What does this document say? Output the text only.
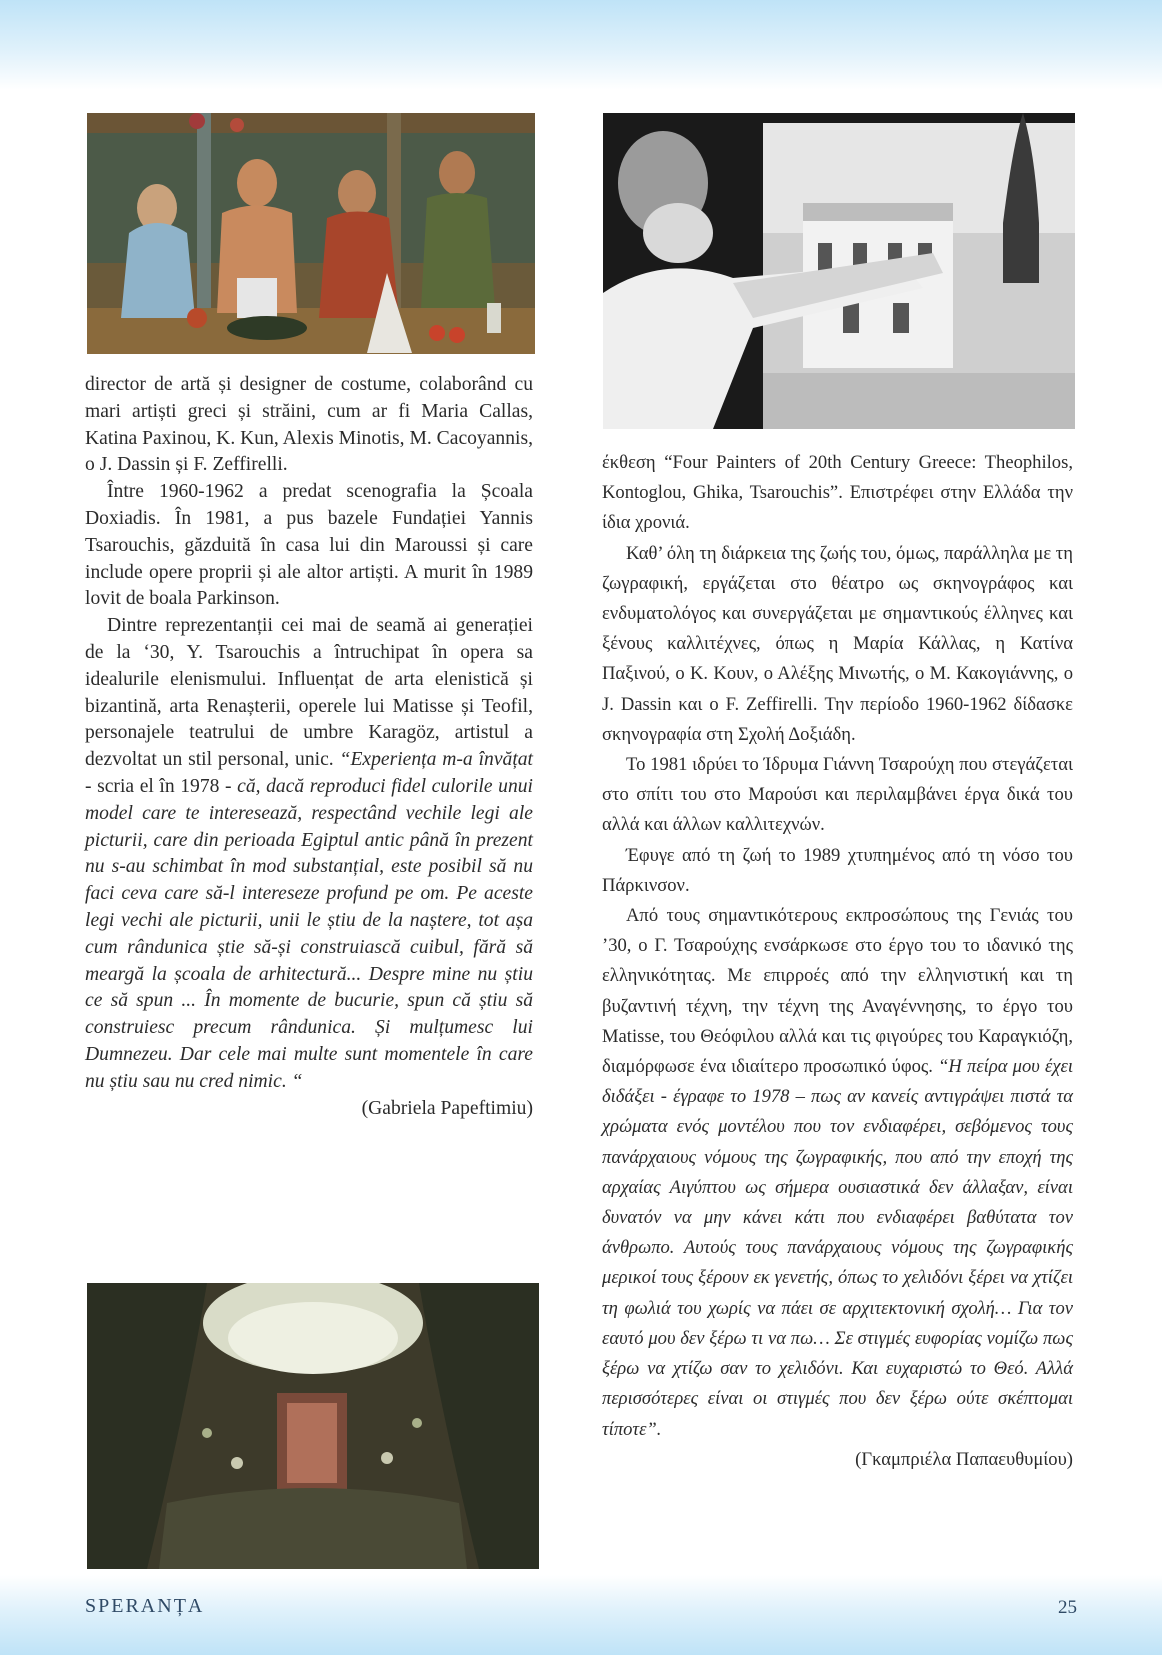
director de artă și designer de costume, colaborând cu mari artiști greci și străini, cum ar fi Maria Callas, Katina Paxinou, K. Kun, Alexis Minotis, M. Cacoyannis, o J. Dassin și F. Zeffirelli.

Între 1960-1962 a predat scenografia la Școala Doxiadis. În 1981, a pus bazele Fundației Yannis Tsarouchis, găzduită în casa lui din Maroussi și care include opere proprii și ale altor artiști. A murit în 1989 lovit de boala Parkinson.

Dintre reprezentanții cei mai de seamă ai generației de la ‘30, Y. Tsarouchis a întruchipat în opera sa idealurile elenismului. Influențat de arta elenistică și bizantină, arta Renașterii, operele lui Matisse și Teofil, personajele teatrului de umbre Karagöz, artistul a dezvoltat un stil personal, unic. “Experiența m-a învățat - scria el în 1978 - că, dacă reproduci fidel culorile unui model care te interesează, respectând vechile legi ale picturii, care din perioada Egiptul antic până în prezent nu s-au schimbat în mod substanțial, este posibil să nu faci ceva care să-l intereseze profund pe om. Pe aceste legi vechi ale picturii, unii le știu de la naștere, tot așa cum rândunica știe să-și construiască cuibul, fără să meargă la școala de arhitectură... Despre mine nu știu ce să spun ... În momente de bucurie, spun că știu să construiesc precum rândunica. Și mulțumesc lui Dumnezeu. Dar cele mai multe sunt momentele în care nu știu sau nu cred nimic. “

(Gabriela Papeftimiu)

έκθεση “Four Painters of 20th Century Greece: Theophilos, Kontoglou, Ghika, Tsarouchis”. Επιστρέφει στην Ελλάδα την ίδια χρονιά.

Καθ’ όλη τη διάρκεια της ζωής του, όμως, παράλληλα με τη ζωγραφική, εργάζεται στο θέατρο ως σκηνογράφος και ενδυματολόγος και συνεργάζεται με σημαντικούς έλληνες και ξένους καλλιτέχνες, όπως η Μαρία Κάλλας, η Κατίνα Παξινού, ο Κ. Κουν, ο Αλέξης Μινωτής, ο Μ. Κακογιάννης, ο J. Dassin και ο F. Zeffirelli. Την περίοδο 1960-1962 δίδασκε σκηνογραφία στη Σχολή Δοξιάδη.

Το 1981 ιδρύει το Ίδρυμα Γιάννη Τσαρούχη που στεγάζεται στο σπίτι του στο Μαρούσι και περιλαμβάνει έργα δικά του αλλά και άλλων καλλιτεχνών.

Έφυγε από τη ζωή το 1989 χτυπημένος από τη νόσο του Πάρκινσον.

Από τους σημαντικότερους εκπροσώπους της Γενιάς του ’30, ο Γ. Τσαρούχης ενσάρκωσε στο έργο του το ιδανικό της ελληνικότητας. Με επιρροές από την ελληνιστική και τη βυζαντινή τέχνη, την τέχνη της Αναγέννησης, το έργο του Matisse, του Θεόφιλου αλλά και τις φιγούρες του Καραγκιόζη, διαμόρφωσε ένα ιδιαίτερο προσωπικό ύφος. “Η πείρα μου έχει διδάξει - έγραφε το 1978 – πως αν κανείς αντιγράψει πιστά τα χρώματα ενός μοντέλου που τον ενδιαφέρει, σεβόμενος τους πανάρχαιους νόμους της ζωγραφικής, που από την εποχή της αρχαίας Αιγύπτου ως σήμερα ουσιαστικά δεν άλλαξαν, είναι δυνατόν να μην κάνει κάτι που ενδιαφέρει βαθύτατα τον άνθρωπο. Αυτούς τους πανάρχαιους νόμους της ζωγραφικής μερικοί τους ξέρουν εκ γενετής, όπως το χελιδόνι ξέρει να χτίζει τη φωλιά του χωρίς να πάει σε αρχιτεκτονική σχολή… Για τον εαυτό μου δεν ξέρω τι να πω… Σε στιγμές ευφορίας νομίζω πως ξέρω να χτίζω σαν το χελιδόνι. Και ευχαριστώ το Θεό. Αλλά περισσότερες είναι οι στιγμές που δεν ξέρω ούτε σκέπτομαι τίποτε”.

(Γκαμπριέλα Παπαευθυμίου)

SPERANȚA	25
